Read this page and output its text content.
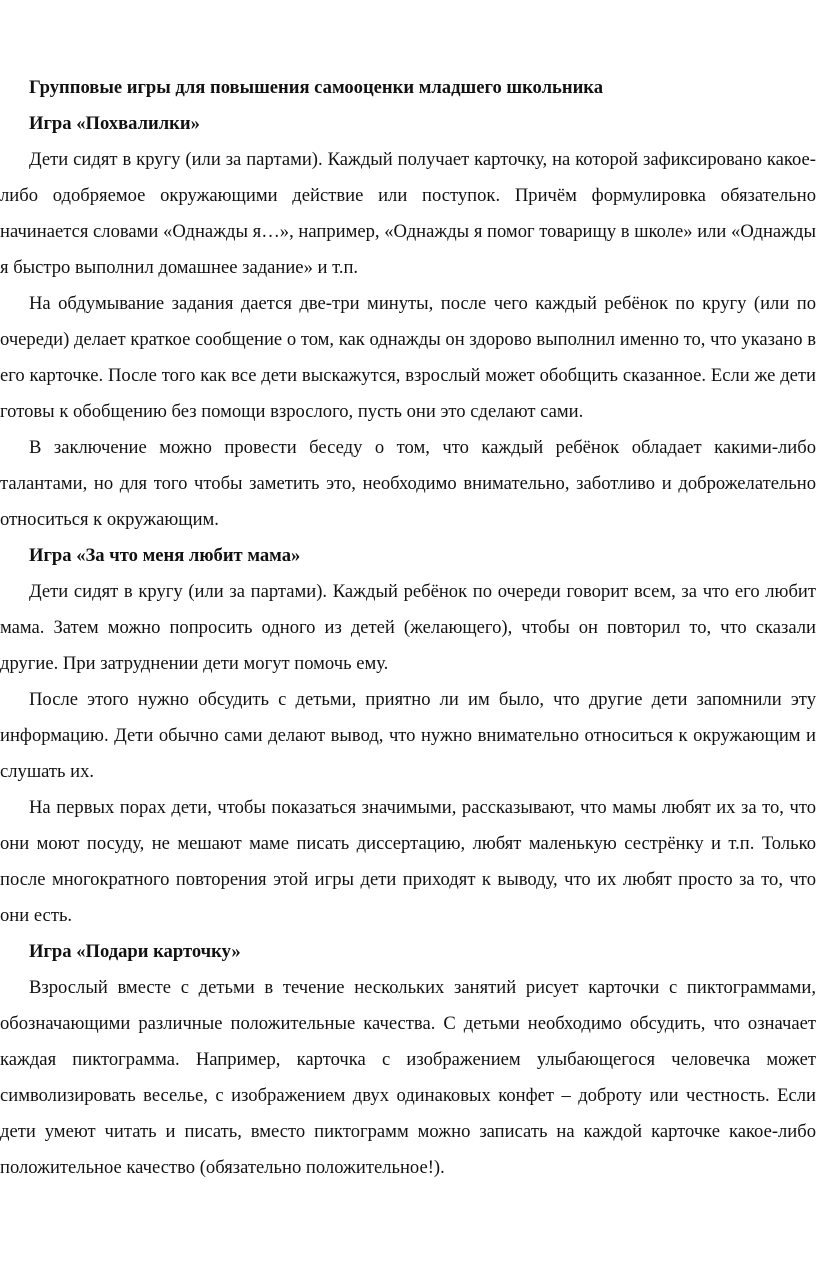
Групповые игры для повышения самооценки младшего школьника

Игра «Похвалилки»

Дети сидят в кругу (или за партами). Каждый получает карточку, на которой зафиксировано какое-либо одобряемое окружающими действие или поступок. Причём формулировка обязательно начинается словами «Однажды я…», например, «Однажды я помог товарищу в школе» или «Однажды я быстро выполнил домашнее задание» и т.п.

На обдумывание задания дается две-три минуты, после чего каждый ребёнок по кругу (или по очереди) делает краткое сообщение о том, как однажды он здорово выполнил именно то, что указано в его карточке. После того как все дети выскажутся, взрослый может обобщить сказанное. Если же дети готовы к обобщению без помощи взрослого, пусть они это сделают сами.

В заключение можно провести беседу о том, что каждый ребёнок обладает какими-либо талантами, но для того чтобы заметить это, необходимо внимательно, заботливо и доброжелательно относиться к окружающим.

Игра «За что меня любит мама»

Дети сидят в кругу (или за партами). Каждый ребёнок по очереди говорит всем, за что его любит мама. Затем можно попросить одного из детей (желающего), чтобы он повторил то, что сказали другие. При затруднении дети могут помочь ему.

После этого нужно обсудить с детьми, приятно ли им было, что другие дети запомнили эту информацию. Дети обычно сами делают вывод, что нужно внимательно относиться к окружающим и слушать их.

На первых порах дети, чтобы показаться значимыми, рассказывают, что мамы любят их за то, что они моют посуду, не мешают маме писать диссертацию, любят маленькую сестрёнку и т.п. Только после многократного повторения этой игры дети приходят к выводу, что их любят просто за то, что они есть.

Игра «Подари карточку»

Взрослый вместе с детьми в течение нескольких занятий рисует карточки с пиктограммами, обозначающими различные положительные качества. С детьми необходимо обсудить, что означает каждая пиктограмма. Например, карточка с изображением улыбающегося человечка может символизировать веселье, с изображением двух одинаковых конфет – доброту или честность. Если дети умеют читать и писать, вместо пиктограмм можно записать на каждой карточке какое-либо положительное качество (обязательно положительное!).
